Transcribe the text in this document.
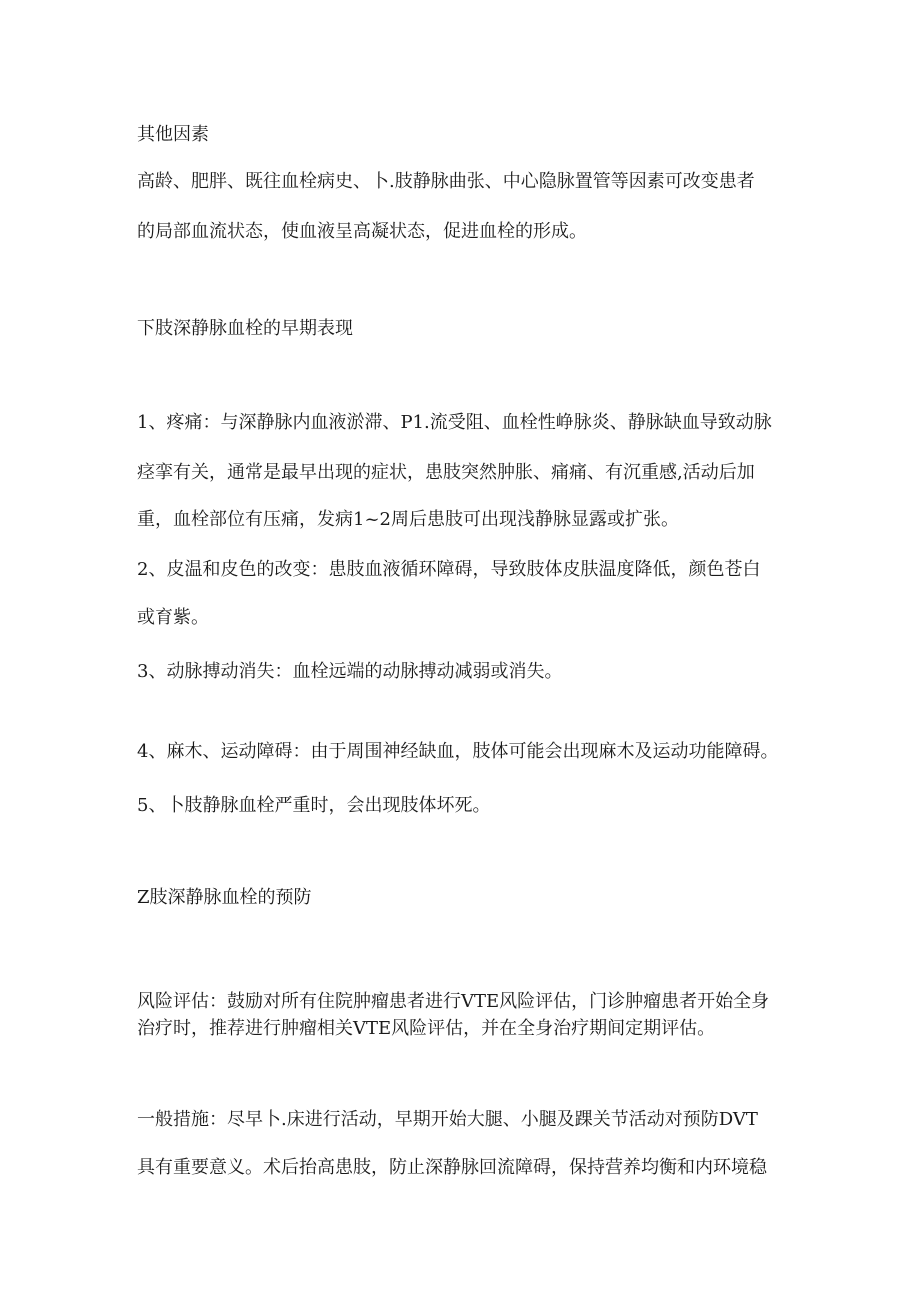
其他因素

高龄、肥胖、既往血栓病史、卜.肢静脉曲张、中心隐脉置管等因素可改变患者

的局部血流状态，使血液呈高凝状态，促进血栓的形成。

下肢深静脉血栓的早期表现

1、疼痛：与深静脉内血液淤滞、P1.流受阻、血栓性峥脉炎、静脉缺血导致动脉

痉挛有关，通常是最早出现的症状，患肢突然肿胀、痛痛、有沉重感,活动后加

重，血栓部位有压痛，发病1~2周后患肢可出现浅静脉显露或扩张。

2、皮温和皮色的改变：患肢血液循环障碍，导致肢体皮肤温度降低，颜色苍白

或育紫。

3、动脉搏动消失：血栓远端的动脉搏动减弱或消失。

4、麻木、运动障碍：由于周围神经缺血，肢体可能会出现麻木及运动功能障碍。

5、卜肢静脉血栓严重时，会出现肢体坏死。

Z肢深静脉血栓的预防

风险评估：鼓励对所有住院肿瘤患者进行VTE风险评估，门诊肿瘤患者开始全身

治疗时，推荐进行肿瘤相关VTE风险评估，并在全身治疗期间定期评估。

一般措施：尽早卜.床进行活动，早期开始大腿、小腿及踝关节活动对预防DVT

具有重要意义。术后抬高患肢，防止深静脉回流障碍，保持营养均衡和内环境稳
